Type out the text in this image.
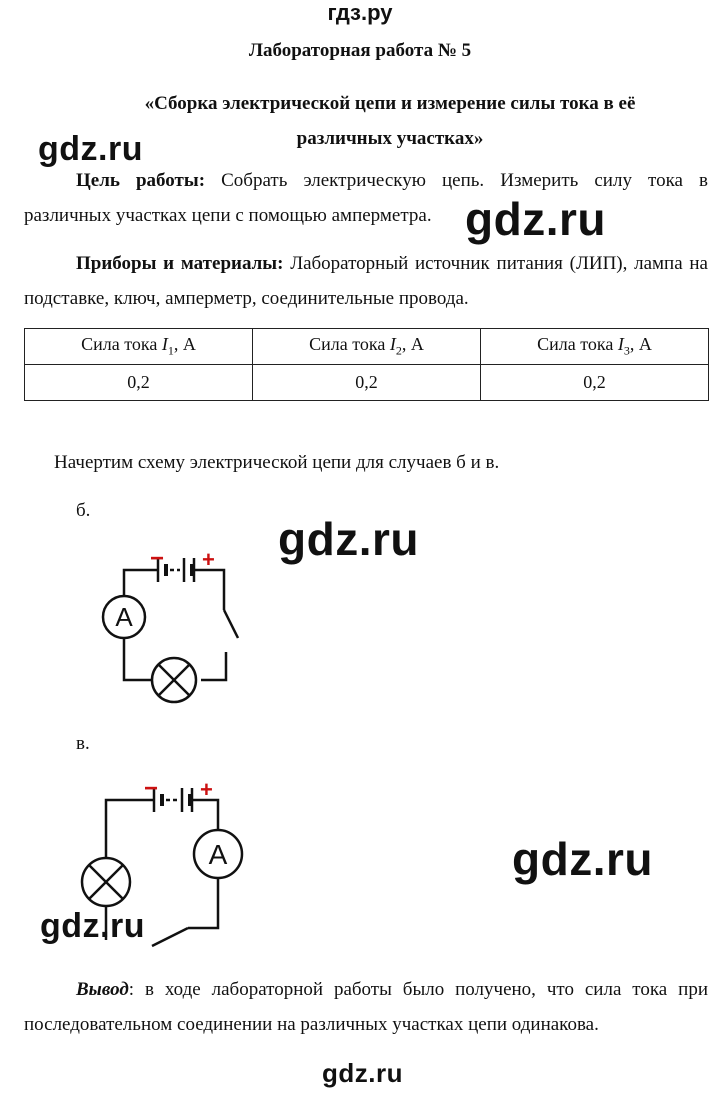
гдз.ру
Лабораторная работа № 5
«Сборка электрической цепи и измерение силы тока в её различных участках»
Цель работы: Собрать электрическую цепь. Измерить силу тока в различных участках цепи с помощью амперметра.
Приборы и материалы: Лабораторный источник питания (ЛИП), лампа на подставке, ключ, амперметр, соединительные провода.
Сила тока $I_1$, А	Сила тока $I_2$, А	Сила тока $I_3$, А
0,2	0,2	0,2
Начертим схему электрической цепи для случаев б и в.
б.
A
− +
в.
A
− +
Вывод: в ходе лабораторной работы было получено, что сила тока при последовательном соединении на различных участках цепи одинакова.
gdz.ru
gdz.ru
gdz.ru
gdz.ru
gdz.ru
gdz.ru
